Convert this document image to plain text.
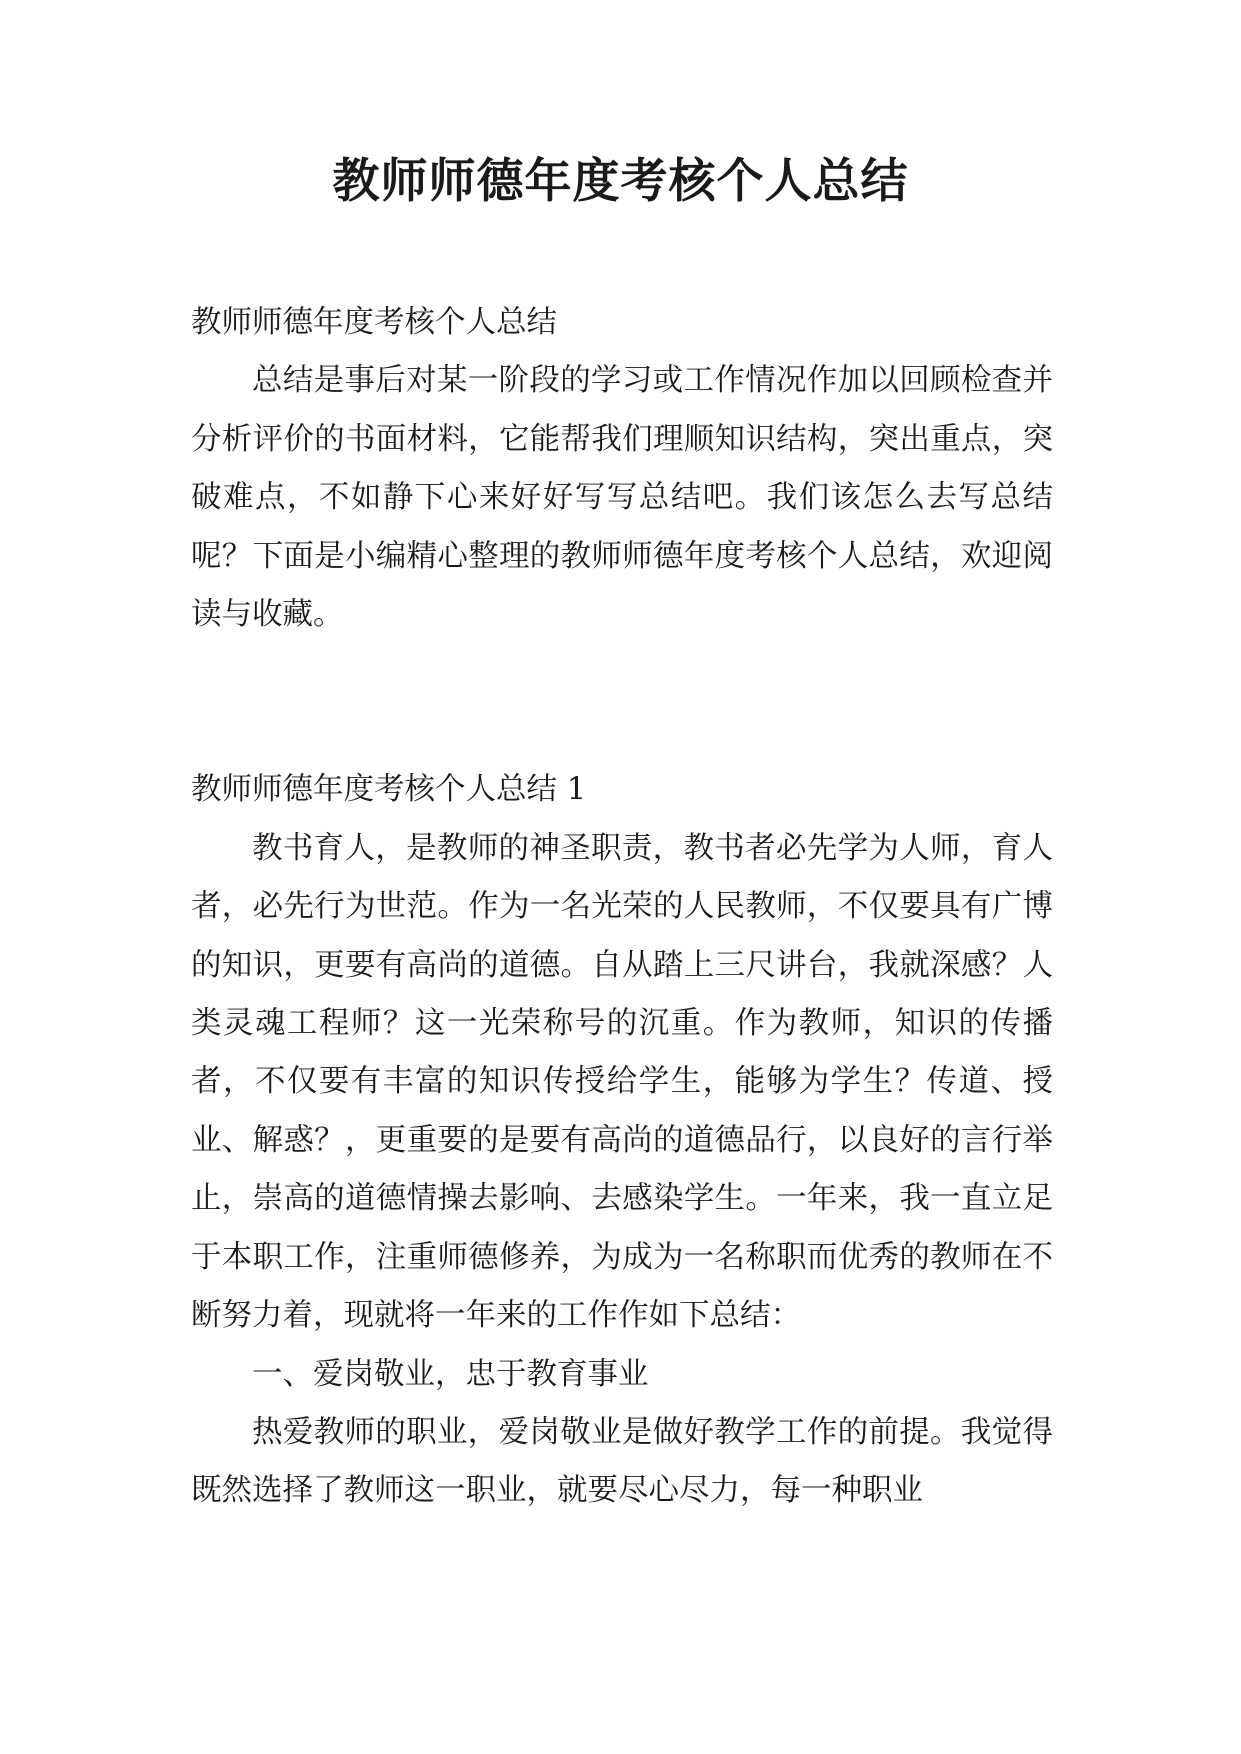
教师师德年度考核个人总结

教师师德年度考核个人总结

总结是事后对某一阶段的学习或工作情况作加以回顾检查并分析评价的书面材料，它能帮我们理顺知识结构，突出重点，突破难点，不如静下心来好好写写总结吧。我们该怎么去写总结呢？下面是小编精心整理的教师师德年度考核个人总结，欢迎阅读与收藏。

教师师德年度考核个人总结 1

教书育人，是教师的神圣职责，教书者必先学为人师，育人者，必先行为世范。作为一名光荣的人民教师，不仅要具有广博的知识，更要有高尚的道德。自从踏上三尺讲台，我就深感？人类灵魂工程师？这一光荣称号的沉重。作为教师，知识的传播者，不仅要有丰富的知识传授给学生，能够为学生？传道、授业、解惑？，更重要的是要有高尚的道德品行，以良好的言行举止，崇高的道德情操去影响、去感染学生。一年来，我一直立足于本职工作，注重师德修养，为成为一名称职而优秀的教师在不断努力着，现就将一年来的工作作如下总结：

一、爱岗敬业，忠于教育事业

热爱教师的职业，爱岗敬业是做好教学工作的前提。我觉得既然选择了教师这一职业，就要尽心尽力，每一种职业
